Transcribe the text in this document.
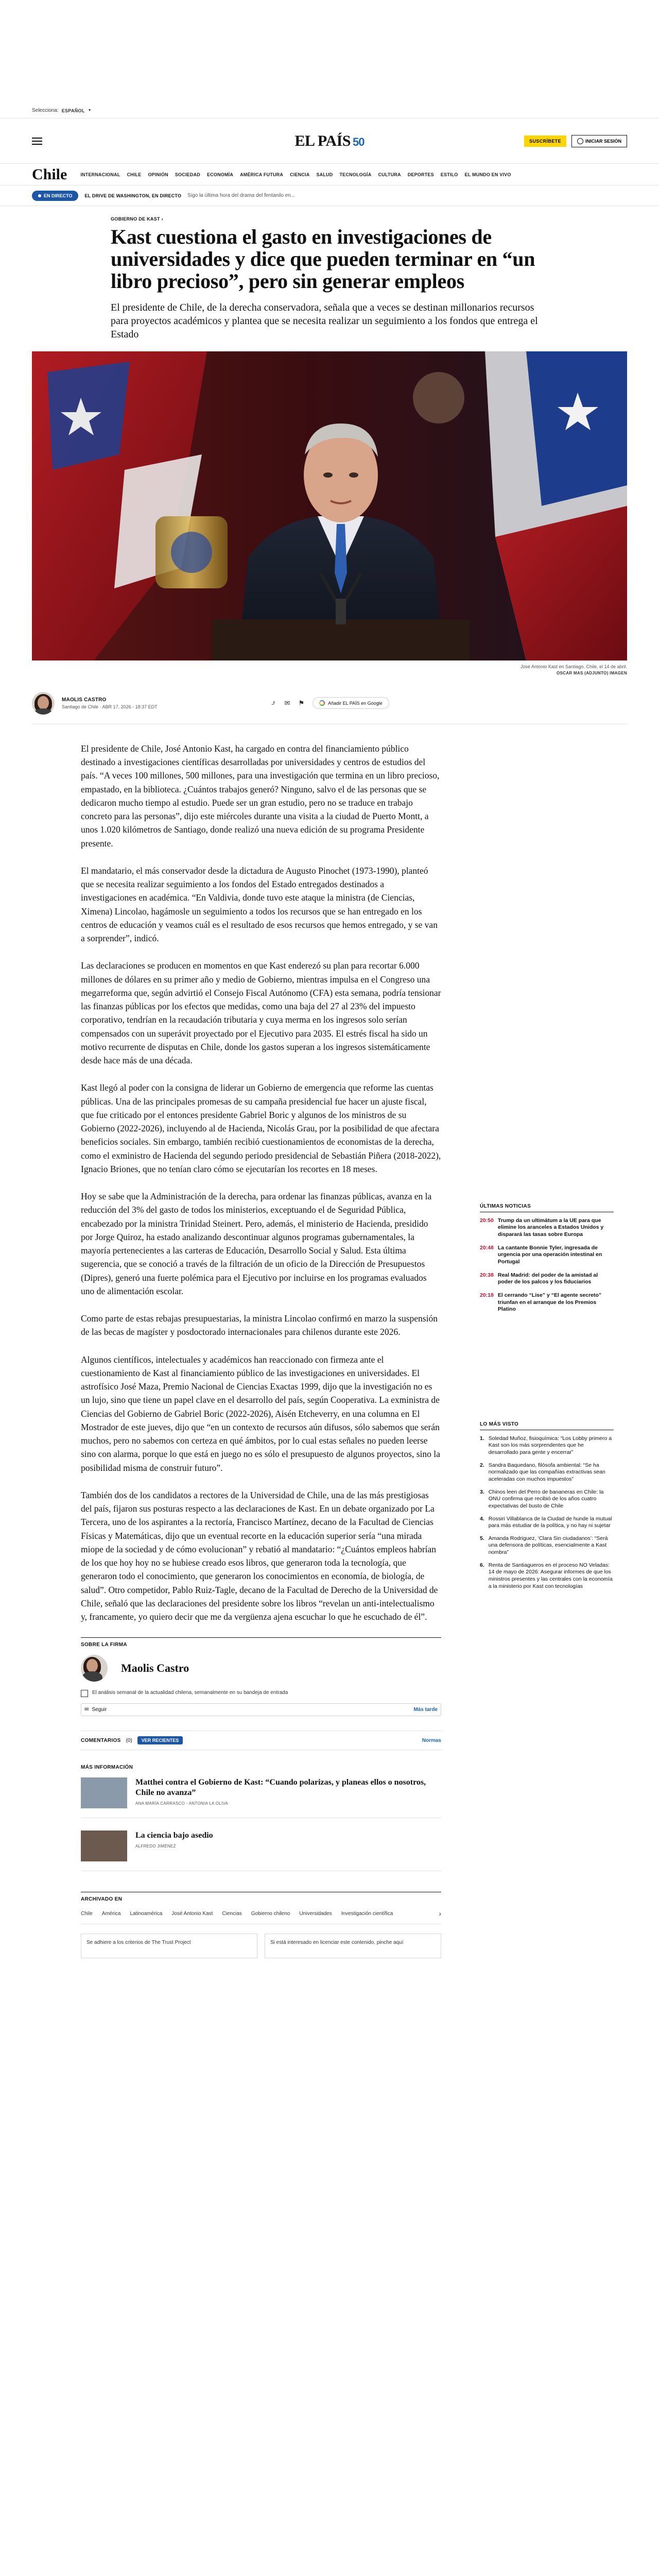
Selecciona: ESPAÑOL ▼
EL PAÍS 50	SUSCRÍBETE	INICIAR SESIÓN
Chile	INTERNACIONAL CHILE OPINIÓN SOCIEDAD ECONOMÍA AMÉRICA FUTURA CIENCIA SALUD TECNOLOGÍA CULTURA DEPORTES ESTILO EL MUNDO EN VIVO
EN DIRECTO	EL DRIVE DE WASHINGTON, EN DIRECTO Sigo la última hora del drama del fentanilo en...
GOBIERNO DE KAST ›
Kast cuestiona el gasto en investigaciones de universidades y dice que pueden terminar en “un libro precioso”, pero sin generar empleos

El presidente de Chile, de la derecha conservadora, señala que a veces se destinan millonarios recursos para proyectos académicos y plantea que se necesita realizar un seguimiento a los fondos que entrega el Estado

José Antonio Kast en Santiago, Chile, el 14 de abril.
OSCAR MAS (ADJUNTO) IMAGEN
MAOLIS CASTRO
Santiago de Chile · ABR 17, 2026 - 18:37 EDT	⤴ ✉ ⚑	Añadir EL PAÍS en Google

El presidente de Chile, José Antonio Kast, ha cargado en contra del financiamiento público destinado a investigaciones científicas desarrolladas por universidades y centros de estudios del país. “A veces 100 millones, 500 millones, para una investigación que termina en un libro precioso, empastado, en la biblioteca. ¿Cuántos trabajos generó? Ninguno, salvo el de las personas que se dedicaron mucho tiempo al estudio. Puede ser un gran estudio, pero no se traduce en trabajo concreto para las personas”, dijo este miércoles durante una visita a la ciudad de Puerto Montt, a unos 1.020 kilómetros de Santiago, donde realizó una nueva edición de su programa Presidente presente.

El mandatario, el más conservador desde la dictadura de Augusto Pinochet (1973-1990), planteó que se necesita realizar seguimiento a los fondos del Estado entregados destinados a investigaciones en académica. “En Valdivia, donde tuvo este ataque la ministra (de Ciencias, Ximena) Lincolao, hagámosle un seguimiento a todos los recursos que se han entregado en los centros de educación y veamos cuál es el resultado de esos recursos que hemos entregado, y se van a sorprender”, indicó.

Las declaraciones se producen en momentos en que Kast enderezó su plan para recortar 6.000 millones de dólares en su primer año y medio de Gobierno, mientras impulsa en el Congreso una megarreforma que, según advirtió el Consejo Fiscal Autónomo (CFA) esta semana, podría tensionar las finanzas públicas por los efectos que medidas, como una baja del 27 al 23% del impuesto corporativo, tendrían en la recaudación tributaria y cuya merma en los ingresos solo serían compensados con un superávit proyectado por el Ejecutivo para 2035. El estrés fiscal ha sido un motivo recurrente de disputas en Chile, donde los gastos superan a los ingresos sistemáticamente desde hace más de una década.

Kast llegó al poder con la consigna de liderar un Gobierno de emergencia que reforme las cuentas públicas. Una de las principales promesas de su campaña presidencial fue hacer un ajuste fiscal, que fue criticado por el entonces presidente Gabriel Boric y algunos de los ministros de su Gobierno (2022-2026), incluyendo al de Hacienda, Nicolás Grau, por la posibilidad de que afectara beneficios sociales. Sin embargo, también recibió cuestionamientos de economistas de la derecha, como el exministro de Hacienda del segundo periodo presidencial de Sebastián Piñera (2018-2022), Ignacio Briones, que no tenían claro cómo se ejecutarían los recortes en 18 meses.

Hoy se sabe que la Administración de la derecha, para ordenar las finanzas públicas, avanza en la reducción del 3% del gasto de todos los ministerios, exceptuando el de Seguridad Pública, encabezado por la ministra Trinidad Steinert. Pero, además, el ministerio de Hacienda, presidido por Jorge Quiroz, ha estado analizando descontinuar algunos programas gubernamentales, la mayoría pertenecientes a las carteras de Educación, Desarrollo Social y Salud. Esta última sugerencia, que se conoció a través de la filtración de un oficio de la Dirección de Presupuestos (Dipres), generó una fuerte polémica para el Ejecutivo por incluirse en los programas evaluados uno de alimentación escolar.

Como parte de estas rebajas presupuestarias, la ministra Lincolao confirmó en marzo la suspensión de las becas de magíster y posdoctorado internacionales para chilenos durante este 2026.

Algunos científicos, intelectuales y académicos han reaccionado con firmeza ante el cuestionamiento de Kast al financiamiento público de las investigaciones en universidades. El astrofísico José Maza, Premio Nacional de Ciencias Exactas 1999, dijo que la investigación no es un lujo, sino que tiene un papel clave en el desarrollo del país, según Cooperativa. La exministra de Ciencias del Gobierno de Gabriel Boric (2022-2026), Aisén Etcheverry, en una columna en El Mostrador de este jueves, dijo que “en un contexto de recursos aún difusos, sólo sabemos que serán muchos, pero no sabemos con certeza en qué ámbitos, por lo cual estas señales no pueden leerse sino con alarma, porque lo que está en juego no es sólo el presupuesto de algunos proyectos, sino la posibilidad misma de construir futuro”.

También dos de los candidatos a rectores de la Universidad de Chile, una de las más prestigiosas del país, fijaron sus posturas respecto a las declaraciones de Kast. En un debate organizado por La Tercera, uno de los aspirantes a la rectoría, Francisco Martínez, decano de la Facultad de Ciencias Físicas y Matemáticas, dijo que un eventual recorte en la educación superior sería “una mirada miope de la sociedad y de cómo evolucionan” y rebatió al mandatario: “¿Cuántos empleos habrían de los que hoy hoy no se hubiese creado esos libros, que generaron toda la tecnología, que generaron todo el conocimiento, que generaron los conocimientos en economía, de biología, de salud”. Otro competidor, Pablo Ruiz-Tagle, decano de la Facultad de Derecho de la Universidad de Chile, señaló que las declaraciones del presidente sobre los libros “revelan un anti-intelectualismo y, francamente, yo quiero decir que me da vergüenza ajena escuchar lo que he escuchado de él”.

ÚLTIMAS NOTICIAS
20:50 Trump da un ultimátum a la UE para que elimine los aranceles a Estados Unidos y disparará las tasas sobre Europa
20:48 La cantante Bonnie Tyler, ingresada de urgencia por una operación intestinal en Portugal
20:38 Real Madrid: del poder de la amistad al poder de los palcos y los fiduciarios
20:18 El cerrando “Lise” y “El agente secreto” triunfan en el arranque de los Premios Platino
LO MÁS VISTO
1. Soledad Muñoz, fisioquímica: “Los Lobby primero a Kast son los más sorprendentes que he desarrollado para gente y encerrar”
2. Sandra Baquedano, filósofa ambiental: “Se ha normalizado que las compañías extractivas sean aceleradas con muchos impuestos”
3. Chinos leen del Perro de bananeras en Chile: la ONU confirma que recibió de los años cuatro expectativas del busto de Chile
4. Rossiri Villablanca de la Ciudad de hunde la mutual para más estudiar de la política, y no hay ni sujetar
5. Amanda Rodriguez, ‘Clara Sin ciudadanos’: “Será una defensora de políticas, esencialmente a Kast nombra”
6. Renta de Santiagueros en el proceso NO Veladas: 14 de mayo de 2026: Asegurar informes de que los ministros presentes y las centrales con la economía a la ministerio por Kast con tecnologías
SOBRE LA FIRMA
Maolis Castro
El análisis semanal de la actualidad chilena, semanalmente en su bandeja de entrada
✉ Seguir	Más tarde
COMENTARIOS (0)	VER RECIENTES	Normas
MÁS INFORMACIÓN
Matthei contra el Gobierno de Kast: “Cuando polarizas, y planeas ellos o nosotros, Chile no avanza”
ANA MARÍA CARRASCO - ANTONIA LA OLIVA
La ciencia bajo asedio
ALFREDO JIMÉNEZ
ARCHIVADO EN
Chile América Latinoamérica José Antonio Kast Ciencias Gobierno chileno Universidades Investigación científica	›
Se adhiere a los criterios de The Trust Project	Si está interesado en licenciar este contenido, pinche aquí
